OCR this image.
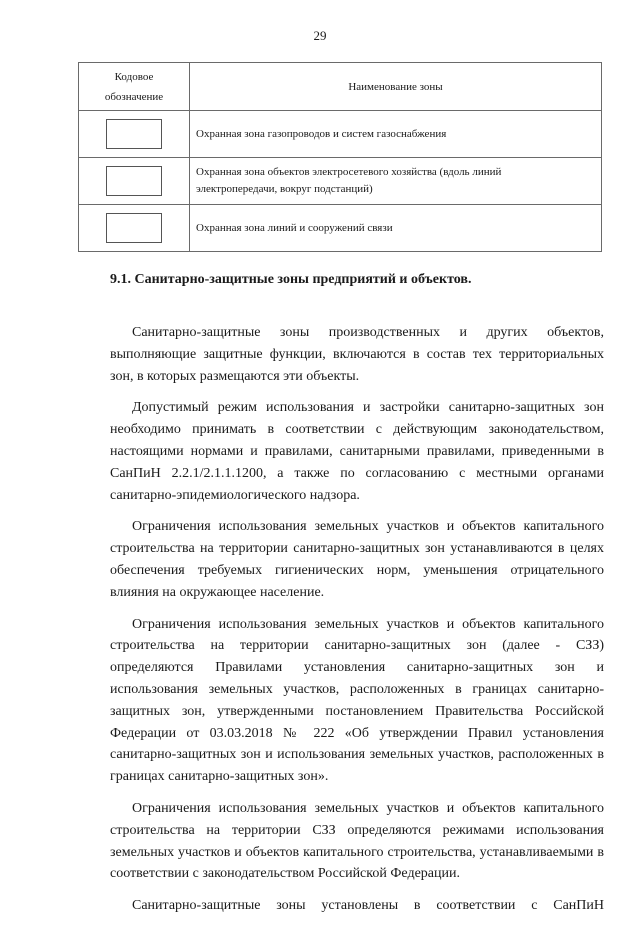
29
Кодовое
обозначение	Наименование зоны
	Охранная зона газопроводов и систем газоснабжения
	Охранная зона объектов электросетевого хозяйства (вдоль линий
электропередачи, вокруг подстанций)
	Охранная зона линий и сооружений связи
9.1. Санитарно-защитные зоны предприятий и объектов.

Санитарно-защитные зоны производственных и других объектов, выполняющие защитные функции, включаются в состав тех территориальных зон, в которых размещаются эти объекты.

Допустимый режим использования и застройки санитарно-защитных зон необходимо принимать в соответствии с действующим законодательством, настоящими нормами и правилами, санитарными правилами, приведенными в СанПиН 2.2.1/2.1.1.1200, а также по согласованию с местными органами санитарно-эпидемиологического надзора.

Ограничения использования земельных участков и объектов капитального строительства на территории санитарно-защитных зон устанавливаются в целях обеспечения требуемых гигиенических норм, уменьшения отрицательного влияния на окружающее население.

Ограничения использования земельных участков и объектов капитального строительства на территории санитарно-защитных зон (далее - СЗЗ) определяются Правилами установления санитарно-защитных зон и использования земельных участков, расположенных в границах санитарно- защитных зон, утвержденными постановлением Правительства Российской Федерации от 03.03.2018 № 222 «Об утверждении Правил установления санитарно-защитных зон и использования земельных участков, расположенных в границах санитарно-защитных зон».

Ограничения использования земельных участков и объектов капитального строительства на территории СЗЗ определяются режимами использования земельных участков и объектов капитального строительства, устанавливаемыми в соответствии с законодательством Российской Федерации.

Санитарно-защитные зоны установлены в соответствии с СанПиН
